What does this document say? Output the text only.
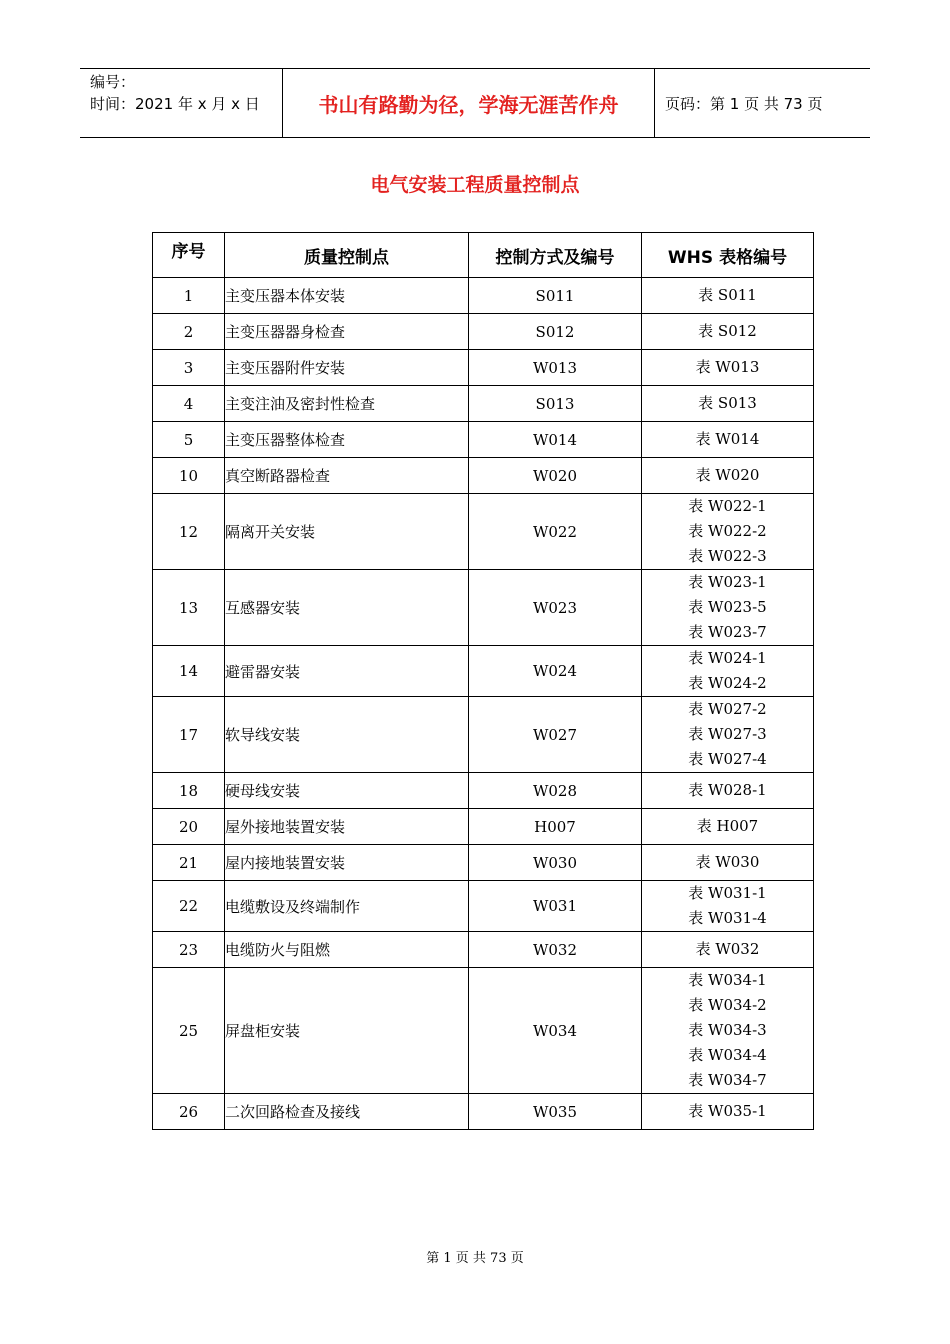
编号：
时间：2021 年 x 月 x 日	书山有路勤为径，学海无涯苦作舟	页码：第 1 页 共 73 页
电气安装工程质量控制点
序号	质量控制点	控制方式及编号	WHS 表格编号
1	主变压器本体安装	S011	表 S011

2	主变压器器身检查	S012	表 S012

3	主变压器附件安装	W013	表 W013

4	主变注油及密封性检查	S013	表 S013

5	主变压器整体检查	W014	表 W014

10	真空断路器检查	W020	表 W020

12	隔离开关安装	W022	表 W022-1
表 W022-2
表 W022-3

13	互感器安装	W023	表 W023-1
表 W023-5
表 W023-7

14	避雷器安装	W024	表 W024-1
表 W024-2

17	软导线安装	W027	表 W027-2
表 W027-3
表 W027-4

18	硬母线安装	W028	表 W028-1

20	屋外接地装置安装	H007	表 H007

21	屋内接地装置安装	W030	表 W030

22	电缆敷设及终端制作	W031	表 W031-1
表 W031-4

23	电缆防火与阻燃	W032	表 W032

25	屏盘柜安装	W034	表 W034-1
表 W034-2
表 W034-3
表 W034-4
表 W034-7

26	二次回路检查及接线	W035	表 W035-1
第 1 页 共 73 页
